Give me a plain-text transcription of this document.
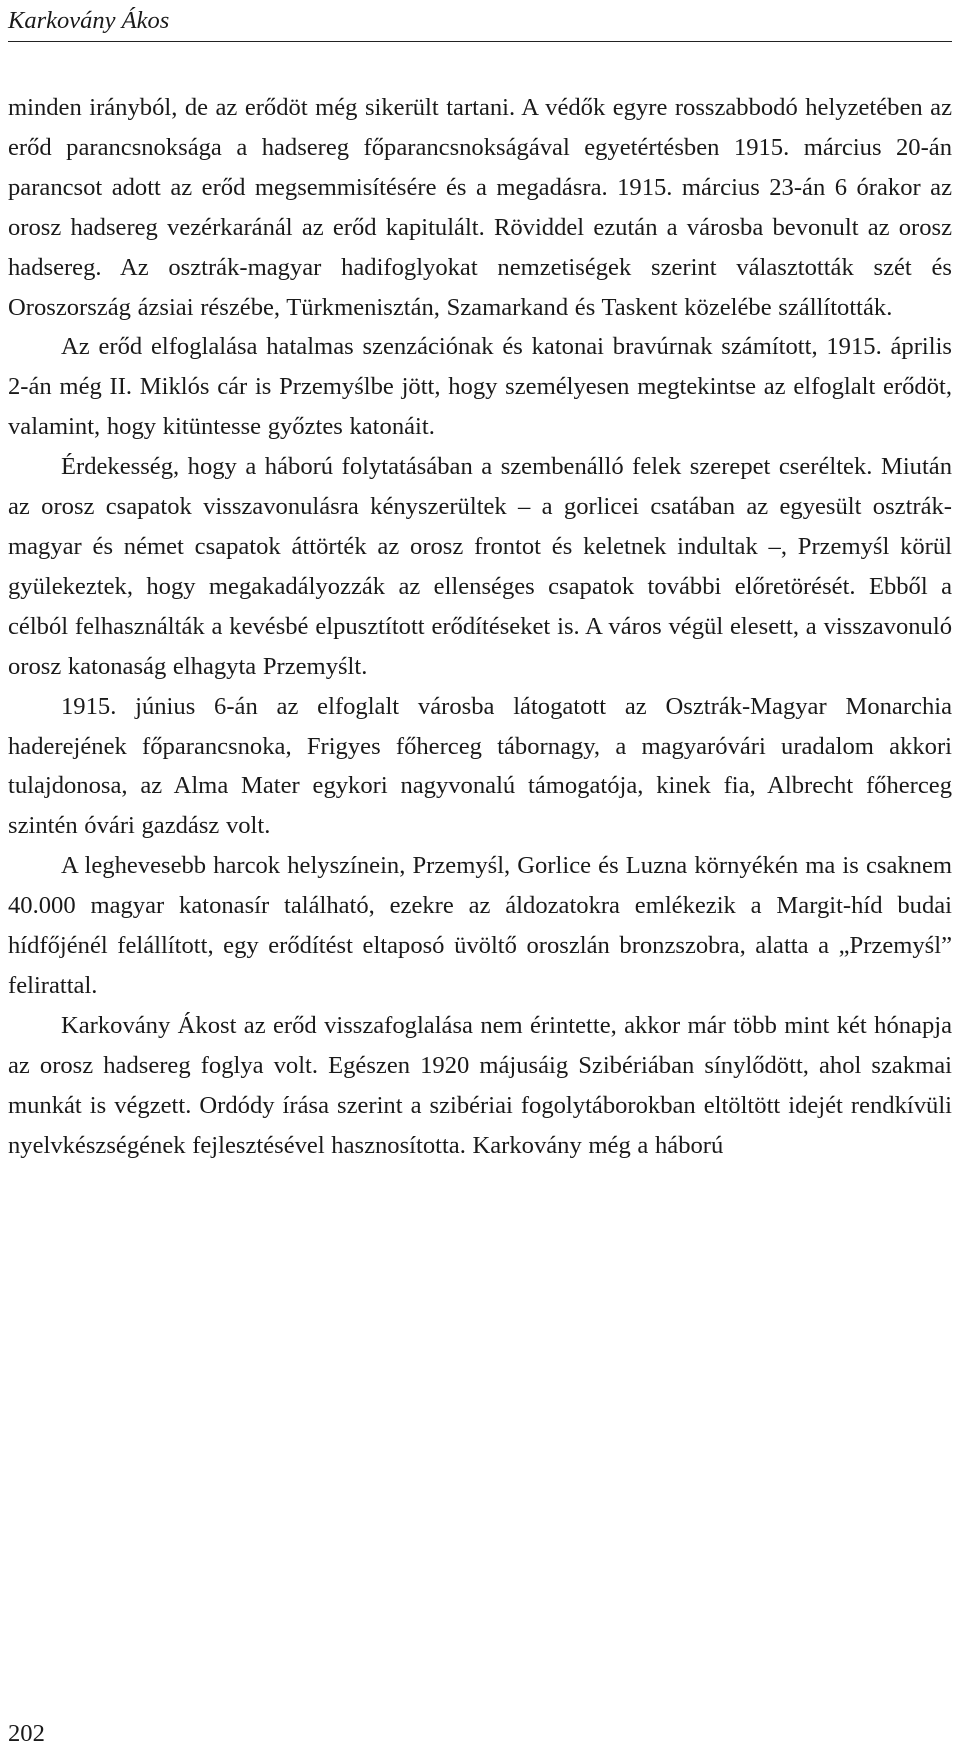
Karkovány Ákos

minden irányból, de az erődöt még sikerült tartani. A védők egyre rosszabbodó helyzetében az erőd parancsnoksága a hadsereg főparancsnokságával egyetértésben 1915. március 20-án parancsot adott az erőd megsemmisítésére és a megadásra. 1915. március 23-án 6 órakor az orosz hadsereg vezérkaránál az erőd kapitulált. Röviddel ezután a városba bevonult az orosz hadsereg. Az osztrák-magyar hadifoglyokat nemzetiségek szerint választották szét és Oroszország ázsiai részébe, Türkmenisztán, Szamarkand és Taskent közelébe szállították.

Az erőd elfoglalása hatalmas szenzációnak és katonai bravúrnak számított, 1915. április 2-án még II. Miklós cár is Przemyślbe jött, hogy személyesen megtekintse az elfoglalt erődöt, valamint, hogy kitüntesse győztes katonáit.

Érdekesség, hogy a háború folytatásában a szembenálló felek szerepet cseréltek. Miután az orosz csapatok visszavonulásra kényszerültek – a gorlicei csatában az egyesült osztrák-magyar és német csapatok áttörték az orosz frontot és keletnek indultak –, Przemyśl körül gyülekeztek, hogy megakadályozzák az ellenséges csapatok további előretörését. Ebből a célból felhasználták a kevésbé elpusztított erődítéseket is. A város végül elesett, a visszavonuló orosz katonaság elhagyta Przemyślt.

1915. június 6-án az elfoglalt városba látogatott az Osztrák-Magyar Monarchia haderejének főparancsnoka, Frigyes főherceg tábornagy, a magyaróvári uradalom akkori tulajdonosa, az Alma Mater egykori nagyvonalú támogatója, kinek fia, Albrecht főherceg szintén óvári gazdász volt.

A leghevesebb harcok helyszínein, Przemyśl, Gorlice és Luzna környékén ma is csaknem 40.000 magyar katonasír található, ezekre az áldozatokra emlékezik a Margit-híd budai hídfőjénél felállított, egy erődítést eltaposó üvöltő oroszlán bronzszobra, alatta a „Przemyśl” felirattal.

Karkovány Ákost az erőd visszafoglalása nem érintette, akkor már több mint két hónapja az orosz hadsereg foglya volt. Egészen 1920 májusáig Szibériában sínylődött, ahol szakmai munkát is végzett. Ordódy írása szerint a szibériai fogolytáborokban eltöltött idejét rendkívüli nyelvkészségének fejlesztésével hasznosította. Karkovány még a háború

202
